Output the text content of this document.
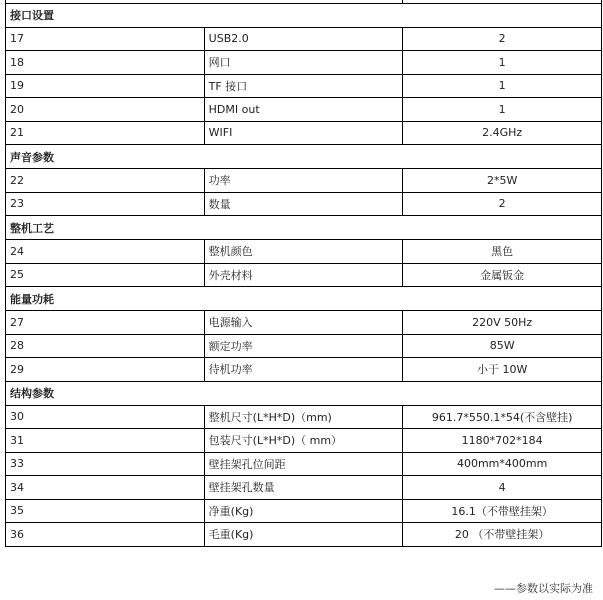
接口设置		
17	USB2.0	2
18	网口	1
19	TF 接口	1
20	HDMI out	1
21	WIFI	2.4GHz
声音参数		
22	功率	2*5W
23	数量	2
整机工艺		
24	整机颜色	黑色
25	外壳材料	金属钣金
能量功耗		
27	电源输入	220V 50Hz
28	额定功率	85W
29	待机功率	小于 10W
结构参数		
30	整机尺寸(L*H*D)（mm)	961.7*550.1*54(不含壁挂)
31	包装尺寸(L*H*D)（ mm）	1180*702*184
33	壁挂架孔位间距	400mm*400mm
34	壁挂架孔数量	4
35	净重(Kg)	16.1（不带壁挂架）
36	毛重(Kg)	20 （不带壁挂架）
——参数以实际为准
